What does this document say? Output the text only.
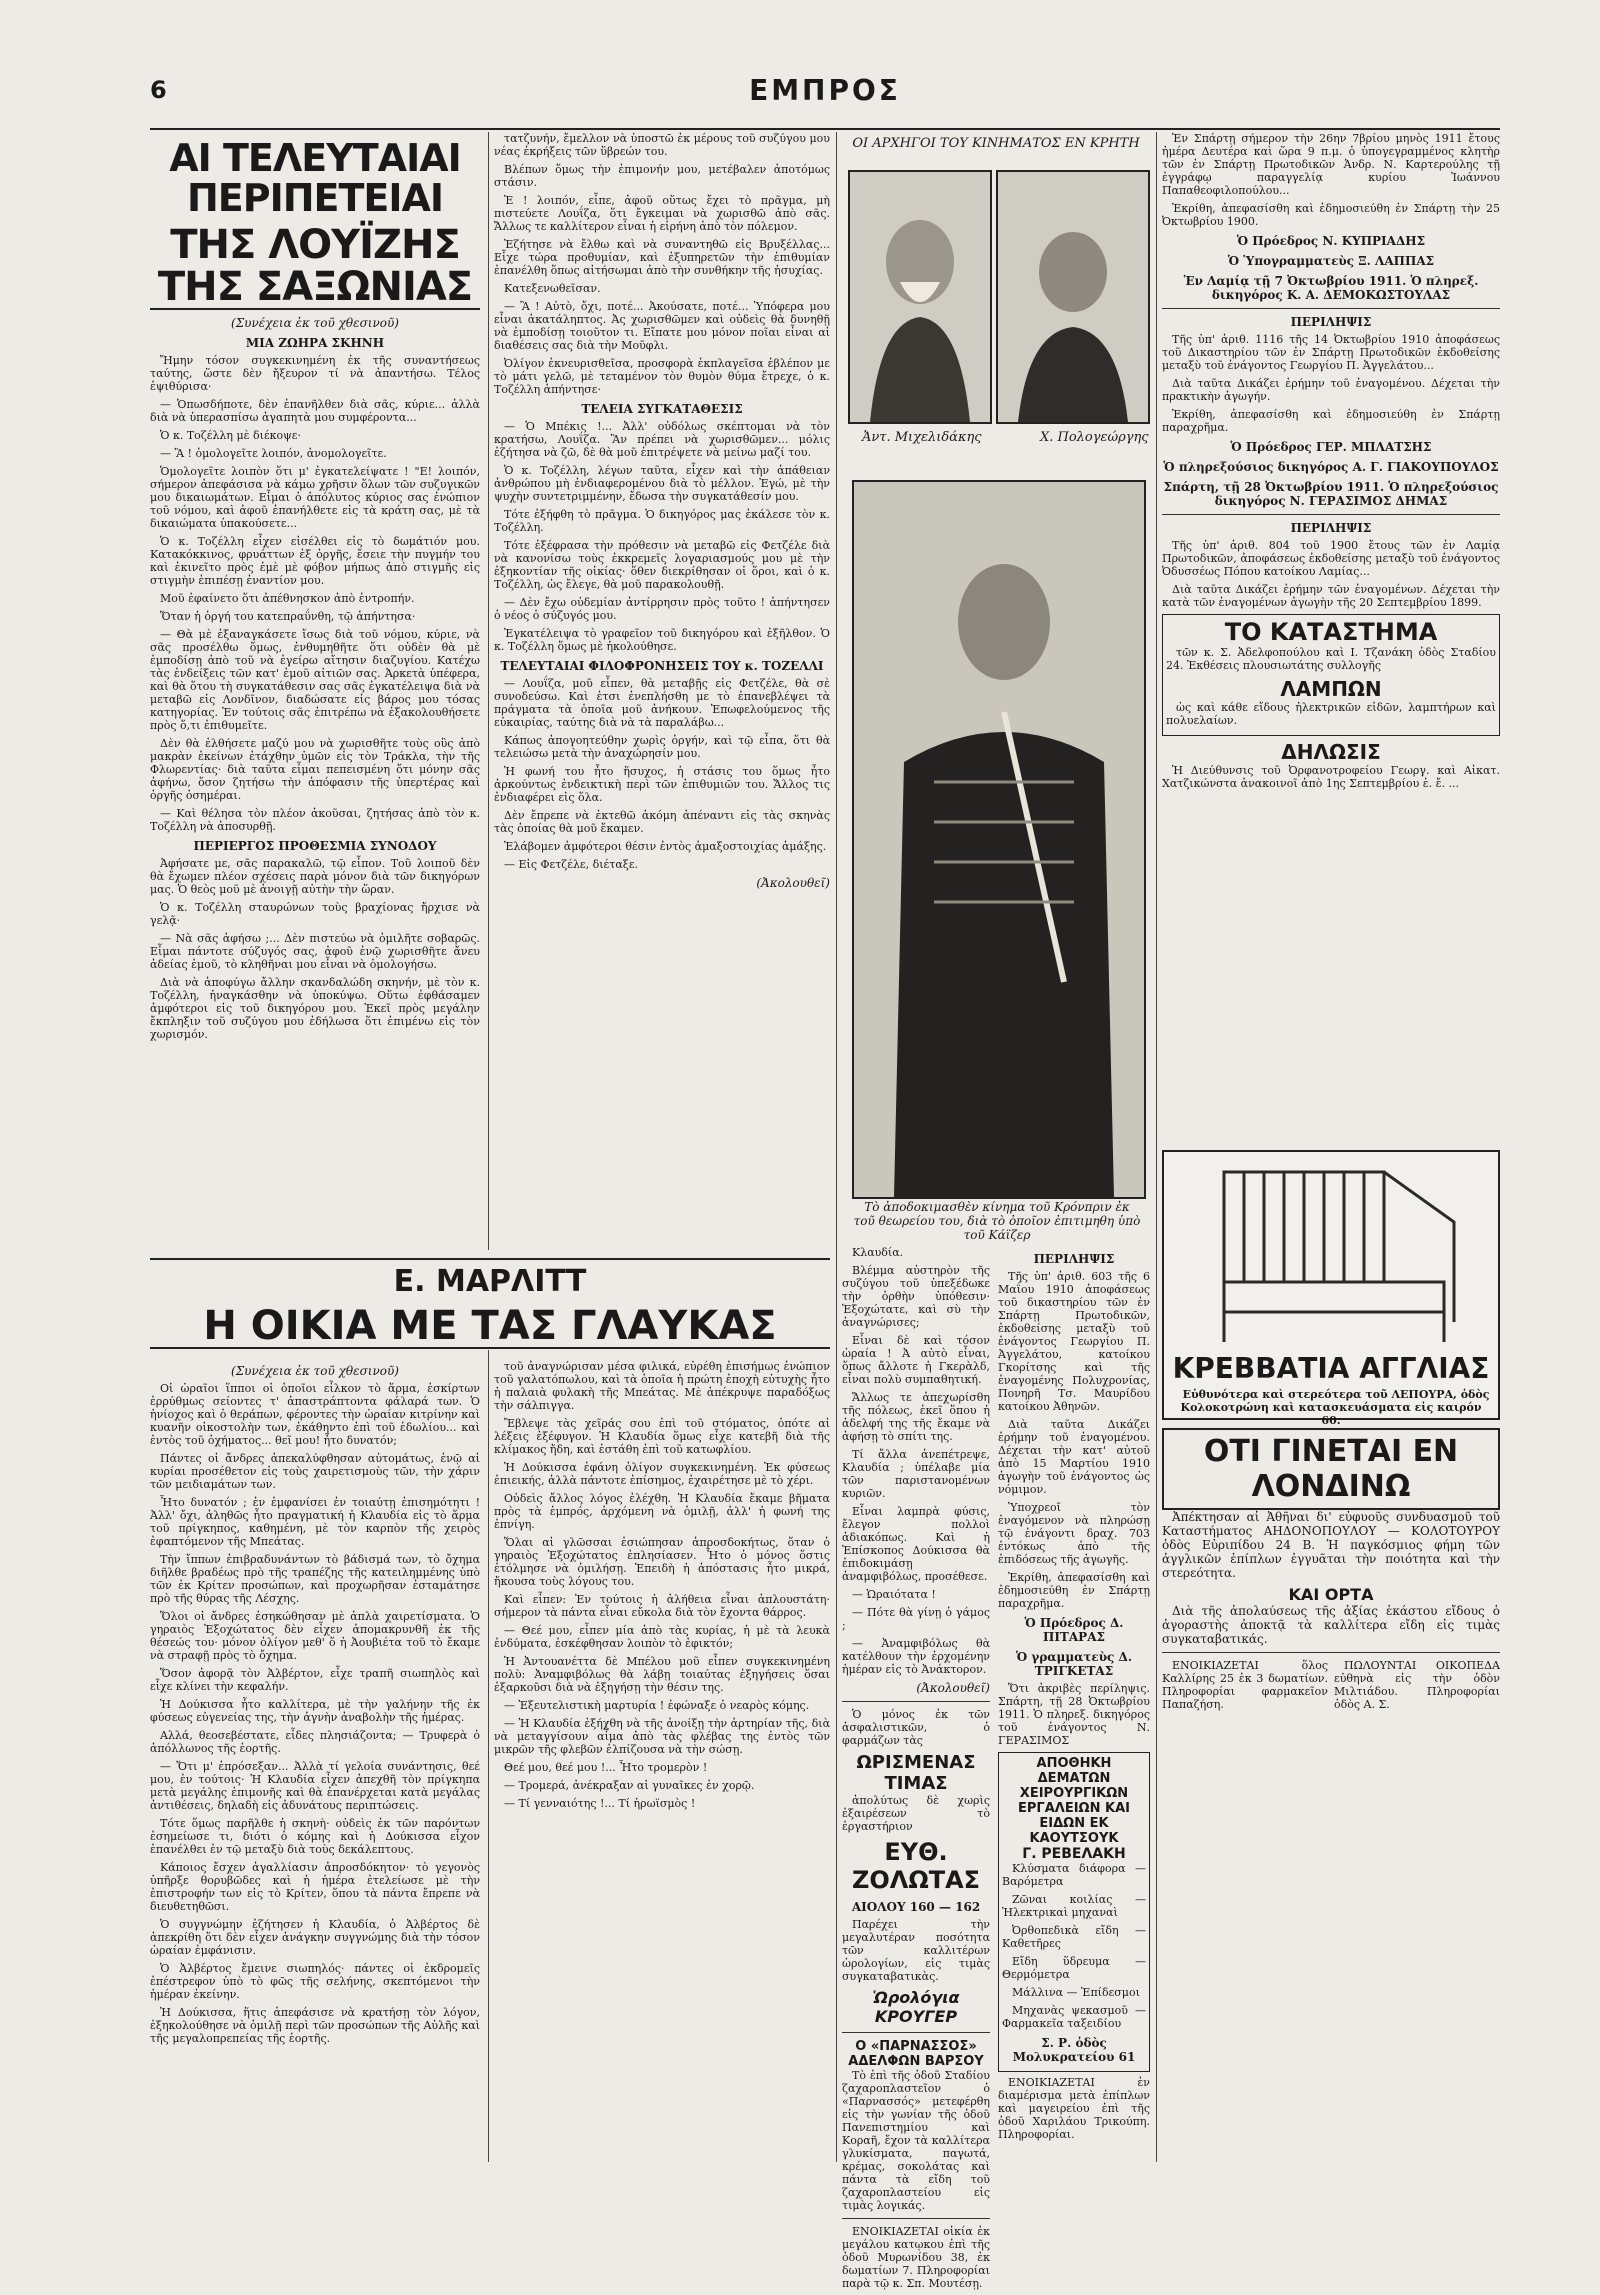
6	ΕΜΠΡΟΣ
ΑΙ ΤΕΛΕΥΤΑΙΑΙ ΠΕΡΙΠΕΤΕΙΑΙ
ΤΗΣ ΛΟΥΪΖΗΣ ΤΗΣ ΣΑΞΩΝΙΑΣ
(Συνέχεια ἐκ τοῦ χθεσινοῦ)
ΜΙΑ ΖΩΗΡΑ ΣΚΗΝΗ

Ἤμην τόσον συγκεκινημένη ἐκ τῆς συναντήσεως ταύτης, ὥστε δὲν ἤξευρον τί νὰ ἀπαντήσω. Τέλος ἐψιθύρισα·

— Ὁπωσδήποτε, δὲν ἐπανῆλθεν διὰ σᾶς, κύριε... ἀλλὰ διὰ νὰ ὑπερασπίσω ἀγαπητὰ μου συμφέροντα...

Ὁ κ. Τοζέλλη μὲ διέκοψε·

— Ἂ ! ὁμολογεῖτε λοιπόν, ἀνομολογεῖτε.

Ὁμολογεῖτε λοιπὸν ὅτι μ' ἐγκατελείψατε ! "Ε! λοιπόν, σήμερον ἀπεφάσισα νὰ κάμω χρῆσιν ὅλων τῶν συζυγικῶν μου δικαιωμάτων. Εἶμαι ὁ ἀπόλυτος κύριος σας ἐνώπιον τοῦ νόμου, καὶ ἀφοῦ ἐπανήλθετε εἰς τὰ κράτη σας, μὲ τὰ δικαιώματα ὑπακούσετε...

Ὁ κ. Τοζέλλη εἶχεν εἰσέλθει εἰς τὸ δωμάτιόν μου. Κατακόκκινος, φρυάττων ἐξ ὀργῆς, ἔσειε τὴν πυγμήν του καὶ ἐκινεῖτο πρὸς ἐμὲ μὲ φόβον μήπως ἀπὸ στιγμῆς εἰς στιγμὴν ἐπιπέσῃ ἐναντίον μου.

Μοῦ ἐφαίνετο ὅτι ἀπέθνησκον ἀπὸ ἐντροπήν.

Ὅταν ἡ ὀργή του κατεπραΰνθη, τῷ ἀπήντησα·

— Θὰ μὲ ἐξαναγκάσετε ἴσως διὰ τοῦ νόμου, κύριε, νὰ σᾶς προσέλθω ὅμως, ἐνθυμηθῆτε ὅτι οὐδὲν θὰ μὲ ἐμποδίσῃ ἀπὸ τοῦ νὰ ἐγείρω αἴτησιν διαζυγίου. Κατέχω τὰς ἐνδείξεις τῶν κατ' ἐμοῦ αἰτιῶν σας. Ἀρκετὰ ὑπέφερα, καὶ θὰ ὅτου τὴ συγκατάθεσιν σας σᾶς ἐγκατέλειψα διὰ νὰ μεταβῶ εἰς Λονδῖνον, διαδώσατε εἰς βάρος μου τόσας κατηγορίας. Ἐν τούτοις σᾶς ἐπιτρέπω νὰ ἐξακολουθήσετε πρὸς ὅ,τι ἐπιθυμεῖτε.

Δὲν θὰ ἐλθήσετε μαζύ μου νὰ χωρισθῆτε τοὺς οὓς ἀπὸ μακρὰν ἐκείνων ἐτάχθην ὑμῶν εἰς τὸν Τράκλα, τὴν τῆς Φλωρεντίας· διὰ ταῦτα εἶμαι πεπεισμένη ὅτι μόνην σᾶς ἀφήνω, ὅσον ζητήσω τὴν ἀπόφασιν τῆς ὑπερτέρας καὶ ὀργῆς ὁσημέραι.

— Καὶ θέλησα τὸν πλέον ἀκοῦσαι, ζητήσας ἀπὸ τὸν κ. Τοζέλλη νὰ ἀποσυρθῇ.

ΠΕΡΙΕΡΓΟΣ ΠΡΟΘΕΣΜΙΑ ΣΥΝΟΔΟΥ

Ἀφήσατε με, σᾶς παρακαλῶ, τῷ εἶπον. Τοῦ λοιποῦ δὲν θὰ ἔχωμεν πλέον σχέσεις παρὰ μόνον διὰ τῶν δικηγόρων μας. Ὁ θεὸς μοῦ μὲ ἀνοιγῇ αὐτὴν τὴν ὥραν.

Ὁ κ. Τοζέλλη σταυρώνων τοὺς βραχίονας ἤρχισε νὰ γελᾷ·

— Νὰ σᾶς ἀφήσω ;... Δὲν πιστεύω νὰ ὁμιλῆτε σοβαρῶς. Εἶμαι πάντοτε σύζυγός σας, ἀφοῦ ἐνῷ χωρισθῆτε ἄνευ ἀδείας ἐμοῦ, τὸ κληθῆναι μου εἶναι νὰ ὁμολογήσω.

Διὰ νὰ ἀποφύγω ἄλλην σκανδαλώδη σκηνήν, μὲ τὸν κ. Τοζέλλη, ἠναγκάσθην νὰ ὑποκύψω. Οὕτω ἐφθάσαμεν ἀμφότεροι εἰς τοῦ δικηγόρου μου. Ἐκεῖ πρὸς μεγάλην ἔκπληξιν τοῦ συζύγου μου ἐδήλωσα ὅτι ἐπιμένω εἰς τὸν χωρισμόν.

τατζυνήν, ἔμελλον νὰ ὑποστῶ ἐκ μέρους τοῦ συζύγου μου νέας ἐκρήξεις τῶν ὕβρεών του.

Βλέπων ὅμως τὴν ἐπιμονήν μου, μετέβαλεν ἀποτόμως στάσιν.

Ἐ ! λοιπόν, εἶπε, ἀφοῦ οὕτως ἔχει τὸ πρᾶγμα, μὴ πιστεύετε Λουΐζα, ὅτι ἔγκειμαι νὰ χωρισθῶ ἀπὸ σᾶς. Ἄλλως τε καλλίτερον εἶναι ἡ εἰρήνη ἀπὸ τὸν πόλεμον.

Ἐζήτησε νὰ ἔλθω καὶ νὰ συναντηθῶ εἰς Βρυξέλλας... Εἶχε τώρα προθυμίαν, καὶ ἐξυπηρετῶν τὴν ἐπιθυμίαν ἐπανέλθη ὅπως αἰτήσωμαι ἀπὸ τὴν συνθήκην τῆς ἡσυχίας.

Κατεξενωθεῖσαν.

— Ἂ ! Αὐτὸ, ὄχι, ποτέ... Ἀκούσατε, ποτέ... Ὑπόφερα μου εἶναι ἀκατάληπτος. Ἀς χωρισθῶμεν καὶ οὐδεὶς θὰ δυνηθῇ νὰ ἐμποδίσῃ τοιοῦτον τι. Εἴπατε μου μόνον ποῖαι εἶναι αἱ διαθέσεις σας διὰ τὴν Μοῦφλι.

Ὀλίγον ἐκνευρισθεῖσα, προσφορὰ ἐκπλαγεῖσα ἐβλέπον με τὸ μάτι γελῶ, μὲ τεταμένον τὸν θυμὸν θύμα ἔτρεχε, ὁ κ. Τοζέλλη ἀπήντησε·

ΤΕΛΕΙΑ ΣΥΓΚΑΤΑΘΕΣΙΣ

— Ὁ Μπέκις !... Ἀλλ' οὐδόλως σκέπτομαι νὰ τὸν κρατήσω, Λουΐζα. Ἂν πρέπει νὰ χωρισθῶμεν... μόλις ἐζήτησα νὰ ζῶ, δὲ θὰ μοῦ ἐπιτρέψετε νὰ μείνω μαζί του.

Ὁ κ. Τοζέλλη, λέγων ταῦτα, εἶχεν καὶ τὴν ἀπάθειαν ἀνθρώπου μὴ ἐνδιαφερομένου διὰ τὸ μέλλον. Ἐγώ, μὲ τὴν ψυχὴν συντετριμμένην, ἔδωσα τὴν συγκατάθεσίν μου.

Τότε ἐξήφθη τὸ πρᾶγμα. Ὁ δικηγόρος μας ἐκάλεσε τὸν κ. Τοζέλλη.

Τότε ἐξέφρασα τὴν πρόθεσιν νὰ μεταβῶ εἰς Φετζέλε διὰ νὰ κανονίσω τοὺς ἐκκρεμεῖς λογαριασμούς μου μὲ τὴν ἐξηκοντίαν τῆς οἰκίας· ὅθεν διεκρίθησαν οἱ ὅροι, καὶ ὁ κ. Τοζέλλη, ὡς ἔλεγε, θὰ μοῦ παρακολουθῇ.

— Δὲν ἔχω οὐδεμίαν ἀντίρρησιν πρὸς τοῦτο ! ἀπήντησεν ὁ νέος ὁ σύζυγός μου.

Ἐγκατέλειψα τὸ γραφεῖον τοῦ δικηγόρου καὶ ἐξῆλθον. Ὁ κ. Τοζέλλη ὅμως μὲ ἠκολούθησε.

ΤΕΛΕΥΤΑΙΑΙ ΦΙΛΟΦΡΟΝΗΣΕΙΣ ΤΟΥ κ. ΤΟΖΕΛΛΙ

— Λουΐζα, μοῦ εἶπεν, θὰ μεταβῇς εἰς Φετζέλε, θὰ σὲ συνοδεύσω. Καὶ ἐτσι ἐνεπλήσθη με τὸ ἐπανεβλέψει τὰ πράγματα τὰ ὁποῖα μοῦ ἀνήκουν. Ἐπωφελούμενος τῆς εὐκαιρίας, ταύτης διὰ νὰ τὰ παραλάβω...

Κάπως ἀπογοητεύθην χωρὶς ὀργήν, καὶ τῷ εἶπα, ὅτι θὰ τελειώσω μετὰ τὴν ἀναχώρησίν μου.

Ἡ φωνή του ἦτο ἥσυχος, ἡ στάσις του ὅμως ἦτο ἀρκούντως ἐνδεικτικὴ περὶ τῶν ἐπιθυμιῶν του. Ἄλλος τις ἐνδιαφέρει εἰς ὅλα.

Δὲν ἔπρεπε νὰ ἐκτεθῶ ἀκόμη ἀπέναντι εἰς τὰς σκηνὰς τὰς ὁποίας θὰ μοῦ ἔκαμεν.

Ἐλάβομεν ἀμφότεροι θέσιν ἐντὸς ἁμαξοστοιχίας ἁμάξης.

— Εἰς Φετζέλε, διέταξε.

(Ἀκολουθεῖ)
Ε. ΜΑΡΛΙΤΤ
Η ΟΙΚΙΑ ΜΕ ΤΑΣ ΓΛΑΥΚΑΣ
(Συνέχεια ἐκ τοῦ χθεσινοῦ)

Οἱ ὡραῖοι ἵπποι οἱ ὁποῖοι εἶλκον τὸ ἅρμα, ἐσκίρτων ἐρρύθμως σείοντες τ' ἀπαστράπτοντα φάλαρά των. Ὁ ἡνίοχος καὶ ὁ θεράπων, φέροντες τὴν ὡραίαν κιτρίνην καὶ κυανῆν οἰκοστολὴν των, ἐκάθηντο ἐπὶ τοῦ ἑδωλίου... καὶ ἐντὸς τοῦ ὀχήματος... θεῖ μου! ἦτο δυνατόν;

Πάντες οἱ ἄνδρες ἀπεκαλύφθησαν αὐτομάτως, ἐνῷ αἱ κυρίαι προσέθετον εἰς τοὺς χαιρετισμοὺς τῶν, τὴν χάριν τῶν μειδιαμάτων των.

Ἦτο δυνατόν ; ἐν ἐμφανίσει ἐν τοιαύτῃ ἐπισημότητι ! Ἀλλ' ὄχι, ἀληθῶς ἦτο πραγματική ἡ Κλαυδία εἰς τὸ ἅρμα τοῦ πρίγκηπος, καθημένη, μὲ τὸν καρπὸν τῆς χειρὸς ἐφαπτόμενον τῆς Μπεάτας.

Τὴν ἴππων ἐπιβραδυνάντων τὸ βάδισμά των, τὸ ὄχημα διῆλθε βραδέως πρὸ τῆς τραπέζης τῆς κατειλημμένης ὑπὸ τῶν ἐκ Κρίτεν προσώπων, καὶ προχωρῆσαν ἐσταμάτησε πρὸ τῆς θύρας τῆς Λέσχης.

Ὅλοι οἱ ἄνδρες ἐσηκώθησαν μὲ ἀπλὰ χαιρετίσματα. Ὁ γηραιὸς Ἐξοχώτατος δὲν εἶχεν ἀπομακρυνθῆ ἐκ τῆς θέσεώς του· μόνον ὀλίγον μεθ' ὅ ἡ Ἀουβιέτα τοῦ τὸ ἔκαμε νὰ στραφῇ πρὸς τὸ ὄχημα.

Ὅσον ἀφορᾷ τὸν Ἀλβέρτον, εἶχε τραπῆ σιωπηλὸς καὶ εἶχε κλίνει τὴν κεφαλήν.

Ἡ Δούκισσα ἦτο καλλίτερα, μὲ τὴν γαλήνην τῆς ἐκ φύσεως εὐγενείας της, τὴν ἀγνὴν ἀναβολὴν τῆς ἡμέρας.

Αλλά, θεοσεβέστατε, εἶδες πλησιάζοντα; — Τρυφερὰ ὁ ἀπόλλωνος τῆς ἑορτῆς.

— Ὅτι μ' ἐπρόσεξαν... Ἀλλὰ τί γελοία συνάντησις, θεέ μου, ἐν τούτοις· Ἡ Κλαυδία εἶχεν ἀπεχθῆ τὸν πρίγκηπα μετὰ μεγάλης ἐπιμονῆς καὶ θὰ ἐπανέρχεται κατὰ μεγάλας ἀντιθέσεις, δηλαδὴ εἰς ἀδυνάτους περιπτώσεις.

Τότε ὅμως παρῆλθε ἡ σκηνὴ· οὐδεὶς ἐκ τῶν παρόντων ἐσημείωσε τι, διότι ὁ κόμης καὶ ἡ Δούκισσα εἶχον ἐπανέλθει ἐν τῷ μεταξὺ διὰ τοὺς δεκάλεπτους.

Κάποιος ἔσχεν ἀγαλλίασιν ἀπροσδόκητον· τὸ γεγονὸς ὑπῆρξε θορυβῶδες καὶ ἡ ἡμέρα ἐτελείωσε μὲ τὴν ἐπιστροφήν των εἰς τὸ Κρίτεν, ὅπου τὰ πάντα ἔπρεπε νὰ διευθετηθῶσι.

Ὁ συγγνώμην ἐζήτησεν ἡ Κλαυδία, ὁ Ἀλβέρτος δὲ ἀπεκρίθη ὅτι δὲν εἶχεν ἀνάγκην συγγνώμης διὰ τὴν τόσον ὡραίαν ἐμφάνισιν.

Ὁ Ἀλβέρτος ἔμεινε σιωπηλός· πάντες οἱ ἐκδρομεῖς ἐπέστρεφον ὑπὸ τὸ φῶς τῆς σελήνης, σκεπτόμενοι τὴν ἡμέραν ἐκείνην.

Ἡ Δούκισσα, ἥτις ἀπεφάσισε νὰ κρατήσῃ τὸν λόγον, ἐξηκολούθησε νὰ ὁμιλῇ περὶ τῶν προσώπων τῆς Αὐλῆς καὶ τῆς μεγαλοπρεπείας τῆς ἑορτῆς.

τοῦ ἀναγνώρισαν μέσα φιλικά, εὑρέθη ἐπισήμως ἐνώπιον τοῦ γαλατόπωλου, καὶ τὰ ὁποῖα ἡ πρώτη ἐποχὴ εὐτυχὴς ἦτο ἡ παλαιὰ φυλακὴ τῆς Μπεάτας. Μὲ ἀπέκρυψε παραδόξως τὴν σάλπιγγα.

Ἔβλεψε τὰς χεῖράς σου ἐπὶ τοῦ στόματος, ὁπότε αἱ λέξεις ἐξέφυγον. Ἡ Κλαυδία ὅμως εἶχε κατεβῆ διὰ τῆς κλίμακος ἤδη, καὶ ἐστάθη ἐπὶ τοῦ κατωφλίου.

Ἡ Δούκισσα ἐφάνη ὀλίγον συγκεκινημένη. Ἐκ φύσεως ἐπιεικής, ἀλλὰ πάντοτε ἐπίσημος, ἐχαιρέτησε μὲ τὸ χέρι.

Οὐδεὶς ἄλλος λόγος ἐλέχθη. Ἡ Κλαυδία ἔκαμε βῆματα πρὸς τὰ ἐμπρός, ἀρχόμενη νὰ ὁμιλῇ, ἀλλ' ἡ φωνή της ἐπνίγη.

Ὅλαι αἱ γλῶσσαι ἐσιώπησαν ἀπροσδοκήτως, ὅταν ὁ γηραιὸς Ἐξοχώτατος ἐπλησίασεν. Ἦτο ὁ μόνος ὅστις ἐτόλμησε νὰ ὁμιλήσῃ. Ἐπειδὴ ἡ ἀπόστασις ἦτο μικρά, ἤκουσα τοὺς λόγους του.

Καὶ εἶπεν: Ἐν τούτοις ἡ ἀλήθεια εἶναι ἀπλουστάτη· σήμερον τὰ πάντα εἶναι εὔκολα διὰ τὸν ἔχοντα θάρρος.

— Θεέ μου, εἶπεν μία ἀπὸ τὰς κυρίας, ἡ μὲ τὰ λευκὰ ἐνδύματα, ἐσκέφθησαν λοιπὸν τὸ ἐφικτόν;

Ἡ Ἀντουανέττα δὲ Μπέλου μοῦ εἶπεν συγκεκινημένη πολὺ: Ἀναμφιβόλως θὰ λάβῃ τοιαύτας ἐξηγήσεις ὅσαι ἐξαρκοῦσι διὰ νὰ ἐξηγήσῃ τὴν θέσιν της.

— Ἐξευτελιστικὴ μαρτυρία ! ἐφώναξε ὁ νεαρὸς κόμης.

— Ἡ Κλαυδία ἐξήχθη νὰ τῆς ἀνοίξῃ τὴν ἀρτηρίαν τῆς, διὰ νὰ μεταγγίσουν αἷμα ἀπὸ τὰς φλέβας της ἐντὸς τῶν μικρῶν τῆς φλεβῶν ἐλπίζουσα νὰ τὴν σώσῃ.

Θεέ μου, θεέ μου !... Ἦτο τρομερὸν !

— Τρομερά, ἀνέκραξαν αἱ γυναῖκες ἐν χορῷ.

— Τί γενναιότης !... Τί ἡρωϊσμὸς !

ΟΙ ΑΡΧΗΓΟΙ ΤΟΥ ΚΙΝΗΜΑΤΟΣ ΕΝ ΚΡΗΤΗ
Ἀντ. Μιχελιδάκης	Χ. Πολογεώργης
Τὸ ἀποδοκιμασθὲν κίνημα τοῦ Κρόνπριν ἐκ τοῦ θεωρείου του, διὰ τὸ ὁποῖον ἐπιτιμηθη ὑπὸ τοῦ Κάϊζερ

Κλαυδία.

Βλέμμα αὐστηρὸν τῆς συζύγου τοῦ ὑπεξέδωκε τὴν ὀρθὴν ὑπόθεσιν· Ἐξοχώτατε, καὶ σὺ τὴν ἀναγνώρισες;

Εἶναι δὲ καὶ τόσον ὡραία ! Ἀ αὐτὸ εἶναι, ὅπως ἄλλοτε ἡ Γκερὰλδ, εἶναι πολὺ συμπαθητική.

Ἄλλως τε ἀπεχωρίσθη τῆς πόλεως, ἐκεῖ ὅπου ἡ ἀδελφή της τῆς ἔκαμε νὰ ἀφήσῃ τὸ σπίτι της.

Τί ἄλλα ἀνεπέτρεψε, Κλαυδία ; ὑπέλαβε μία τῶν παριστανομένων κυριῶν.

Εἶναι λαμπρὰ φύσις, ἔλεγον πολλοὶ ἀδιακόπως. Καὶ ἡ Ἐπίσκοπος Δούκισσα θὰ ἐπιδοκιμάσῃ ἀναμφιβόλως, προσέθεσε.

— Ὡραιότατα !

— Πότε θὰ γίνῃ ὁ γάμος ;

— Ἀναμφιβόλως θὰ κατέλθουν τὴν ἐρχομένην ἡμέραν εἰς τὸ Ἀνάκτορον.

(Ἀκολουθεῖ)

Ὁ μόνος ἐκ τῶν ἀσφαλιστικῶν, ὁ φαρμάζων τὰς

ΩΡΙΣΜΕΝΑΣ ΤΙΜΑΣ

ἀπολύτως δὲ χωρὶς ἐξαιρέσεων τὸ ἐργαστήριον

ΕΥΘ. ΖΟΛΩΤΑΣ
ΑΙΟΛΟΥ 160 — 162

Παρέχει τὴν μεγαλυτέραν ποσότητα τῶν καλλιτέρων ὡρολογίων, εἰς τιμὰς συγκαταβατικὰς.

Ὡρολόγια ΚΡΟΥΓΕΡ
Ο «ΠΑΡΝΑΣΣΟΣ» ΑΔΕΛΦΩΝ ΒΑΡΣΟΥ

Τὸ ἐπὶ τῆς ὁδοῦ Σταδίου ζαχαροπλαστεῖον ὁ «Παρνασσός» μετεφέρθη εἰς τὴν γωνίαν τῆς ὁδοῦ Πανεπιστημίου καὶ Κοραῆ, ἔχον τὰ καλλίτερα γλυκίσματα, παγωτά, κρέμας, σοκολάτας καὶ πάντα τὰ εἴδη τοῦ ζαχαροπλαστείου εἰς τιμὰς λογικάς.

ΕΝΟΙΚΙΑΖΕΤΑΙ οἰκία ἐκ μεγάλου κατῳκου ἐπὶ τῆς ὁδοῦ Μυρωνίδου 38, ἐκ δωματίων 7. Πληροφορίαι παρὰ τῷ κ. Σπ. Μουτέσῃ.

ΠΕΡΙΛΗΨΙΣ

Τῆς ὑπ' ἀριθ. 603 τῆς 6 Μαΐου 1910 ἀποφάσεως τοῦ δικαστηρίου τῶν ἐν Σπάρτῃ Πρωτοδικῶν, ἐκδοθείσης μεταξὺ τοῦ ἐνάγοντος Γεωργίου Π. Ἀγγελάτου, κατοίκου Γκορίτσης καὶ τῆς ἐναγομένης Πολυχρονίας, Πονηρῆ Τσ. Μαυρίδου κατοίκου Ἀθηνῶν.

Διὰ ταῦτα Δικάζει ἐρήμην τοῦ ἐναγομένου. Δέχεται τὴν κατ' αὐτοῦ ἀπὸ 15 Μαρτίου 1910 ἀγωγὴν τοῦ ἐνάγοντος ὡς νόμιμον.

Ὑποχρεοῖ τὸν ἐναγόμενον νὰ πληρώσῃ τῷ ἐνάγοντι δραχ. 703 ἐντόκως ἀπὸ τῆς ἐπιδόσεως τῆς ἀγωγῆς.

Ἐκρίθη, ἀπεφασίσθη καὶ ἐδημοσιεύθη ἐν Σπάρτῃ παραχρῆμα.

Ὁ Πρόεδρος Δ. ΠΙΤΑΡΑΣ
Ὁ γραμματεὺς Δ. ΤΡΙΓΚΕΤΑΣ

Ὅτι ἀκριβὲς περίληψις. Σπάρτη, τῇ 28 Ὀκτωβρίου 1911. Ὁ πληρεξ. δικηγόρος τοῦ ἐνάγοντος Ν. ΓΕΡΑΣΙΜΟΣ

ΑΠΟΘΗΚΗ ΔΕΜΑΤΩΝ ΧΕΙΡΟΥΡΓΙΚΩΝ ΕΡΓΑΛΕΙΩΝ ΚΑΙ ΕΙΔΩΝ ΕΚ ΚΑΟΥΤΣΟΥΚ
Γ. ΡΕΒΕΛΑΚΗ

Κλύσματα διάφορα — Βαρόμετρα

Ζῶναι κοιλίας — Ἠλεκτρικαὶ μηχαναὶ

Ὀρθοπεδικὰ εἴδη — Καθετῆρες

Εἴδη ὕδρευμα — Θερμόμετρα

Μάλλινα — Ἐπίδεσμοι

Μηχανὰς ψεκασμοῦ — Φαρμακεῖα ταξειδίου

Σ. Ρ. ὁδὸς Μολυκρατείου 61

ΕΝΟΙΚΙΑΖΕΤΑΙ ἐν διαμέρισμα μετὰ ἐπίπλων καὶ μαγειρείου ἐπὶ τῆς ὁδοῦ Χαριλάου Τρικούπη. Πληροφορίαι.

Ἐν Σπάρτῃ σήμερον τὴν 26ην 7βρίου μηνὸς 1911 ἔτους ἡμέρα Δευτέρα καὶ ὥρα 9 π.μ. ὁ ὑπογεγραμμένος κλητὴρ τῶν ἐν Σπάρτῃ Πρωτοδικῶν Ἀνδρ. Ν. Καρτερούλης τῇ ἐγγράφῳ παραγγελίᾳ κυρίου Ἰωάννου Παπαθεοφιλοπούλου...

Ἐκρίθη, ἀπεφασίσθη καὶ ἐδημοσιεύθη ἐν Σπάρτῃ τὴν 25 Ὀκτωβρίου 1900.

Ὁ Πρόεδρος Ν. ΚΥΠΡΙΑΔΗΣ
Ὁ Ὑπογραμματεὺς Ξ. ΛΑΠΠΑΣ
Ἐν Λαμίᾳ τῇ 7 Ὀκτωβρίου 1911. Ὁ πληρεξ. δικηγόρος Κ. Α. ΔΕΜΟΚΩΣΤΟΥΛΑΣ
ΠΕΡΙΛΗΨΙΣ

Τῆς ὑπ' ἀριθ. 1116 τῆς 14 Ὀκτωβρίου 1910 ἀποφάσεως τοῦ Δικαστηρίου τῶν ἐν Σπάρτῃ Πρωτοδικῶν ἐκδοθείσης μεταξὺ τοῦ ἐνάγοντος Γεωργίου Π. Ἀγγελάτου...

Διὰ ταῦτα Δικάζει ἐρήμην τοῦ ἐναγομένου. Δέχεται τὴν πρακτικὴν ἀγωγήν.

Ἐκρίθη, ἀπεφασίσθη καὶ ἐδημοσιεύθη ἐν Σπάρτῃ παραχρῆμα.

Ὁ Πρόεδρος ΓΕΡ. ΜΠΛΑΤΣΗΣ
Ὁ πληρεξούσιος δικηγόρος Α. Γ. ΓΙΑΚΟΥΠΟΥΛΟΣ
Σπάρτη, τῇ 28 Ὀκτωβρίου 1911. Ὁ πληρεξούσιος δικηγόρος Ν. ΓΕΡΑΣΙΜΟΣ ΔΗΜΑΣ
ΠΕΡΙΛΗΨΙΣ

Τῆς ὑπ' ἀριθ. 804 τοῦ 1900 ἔτους τῶν ἐν Λαμίᾳ Πρωτοδικῶν, ἀποφάσεως ἐκδοθείσης μεταξὺ τοῦ ἐνάγοντος Ὀδυσσέως Πόπου κατοίκου Λαμίας...

Διὰ ταῦτα Δικάζει ἐρήμην τῶν ἐναγομένων. Δέχεται τὴν κατὰ τῶν ἐναγομένων ἀγωγὴν τῆς 20 Σεπτεμβρίου 1899.

ΤΟ ΚΑΤΑΣΤΗΜΑ

τῶν κ. Σ. Ἀδελφοπούλου καὶ Ι. Τζανάκη ὁδὸς Σταδίου 24. Ἐκθέσεις πλουσιωτάτης συλλογῆς

ΛΑΜΠΩΝ

ὡς καὶ κάθε εἴδους ἠλεκτρικῶν εἰδῶν, λαμπτήρων καὶ πολυελαίων.

ΔΗΛΩΣΙΣ

Ἡ Διεύθυνσις τοῦ Ὀρφανοτροφείου Γεωργ. καὶ Αἰκατ. Χατζικώνστα ἀνακοινοῖ ἀπὸ 1ης Σεπτεμβρίου ἐ. ἔ. ...

ΚΡΕΒΒΑΤΙΑ ΑΓΓΛΙΑΣ
Εὐθυνότερα καὶ στερεότερα τοῦ ΛΕΠΟΥΡΑ, ὁδὸς Κολοκοτρώνη καὶ κατασκευάσματα εἰς καιρόν 60.
ΟΤΙ ΓΙΝΕΤΑΙ ΕΝ ΛΟΝΔΙΝΩ

Ἀπέκτησαν αἱ Ἀθῆναι δι' εὐφυοῦς συνδυασμοῦ τοῦ Καταστήματος ΑΗΔΟΝΟΠΟΥΛΟΥ — ΚΟΛΟΤΟΥΡΟΥ ὁδὸς Εὐριπίδου 24 Β. Ἡ παγκόσμιος φήμη τῶν ἀγγλικῶν ἐπίπλων ἐγγυᾶται τὴν ποιότητα καὶ τὴν στερεότητα.

ΚΑΙ ΟΡΤΑ

Διὰ τῆς ἀπολαύσεως τῆς ἀξίας ἑκάστου εἴδους ὁ ἀγοραστὴς ἀποκτᾷ τὰ καλλίτερα εἴδη εἰς τιμὰς συγκαταβατικάς.

ΕΝΟΙΚΙΑΖΕΤΑΙ ὅλος Καλλίρης 25 ἐκ 3 δωματίων. Πληροφορίαι φαρμακεῖον Παπαζήση.

ΠΩΛΟΥΝΤΑΙ ΟΙΚΟΠΕΔΑ εὐθηνὰ εἰς τὴν ὁδὸν Μιλτιάδου. Πληροφορίαι ὁδὸς Α. Σ.
